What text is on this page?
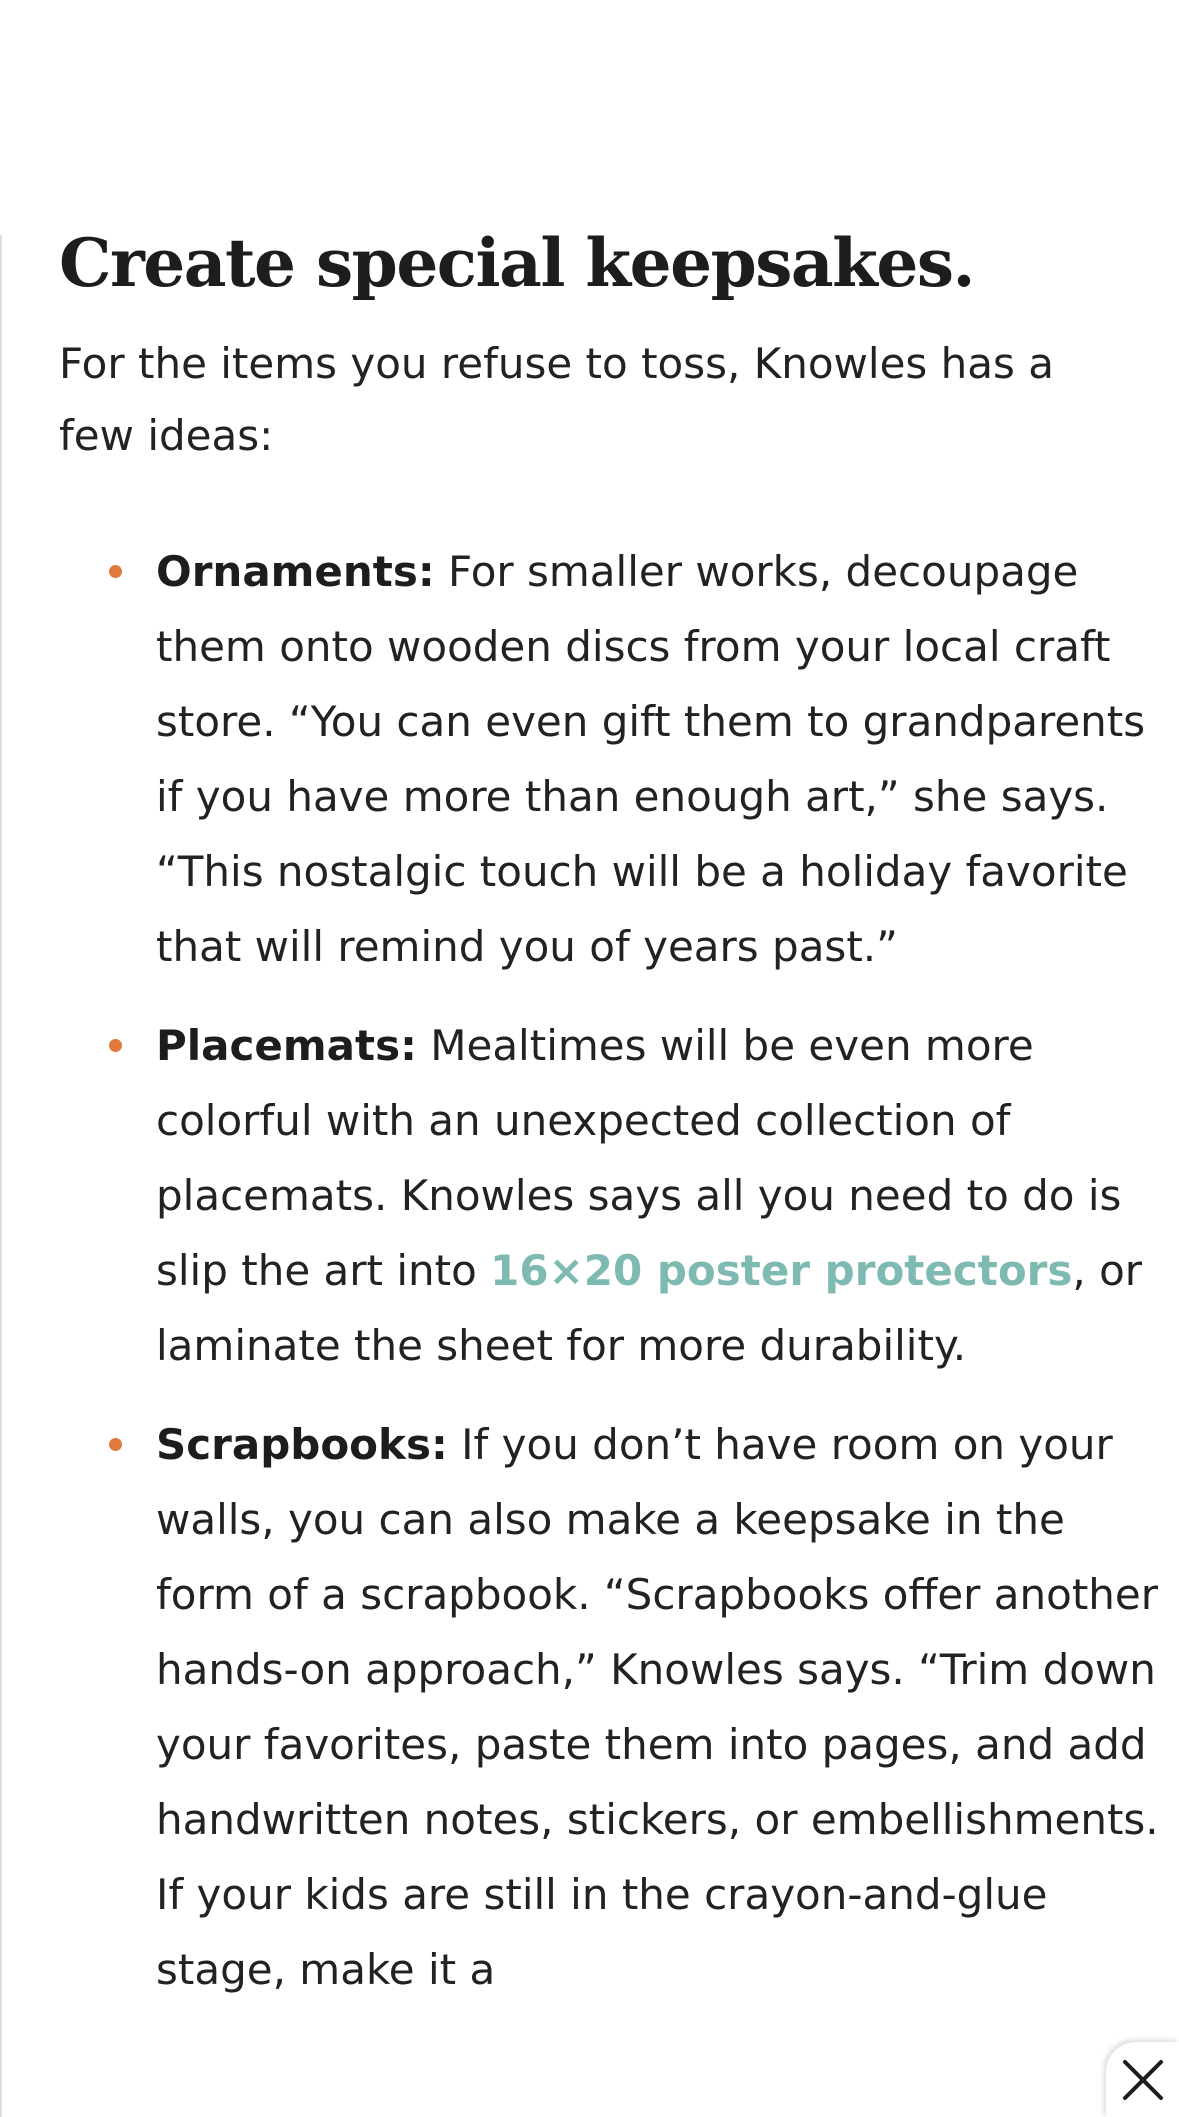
Create special keepsakes.

For the items you refuse to toss, Knowles has a few ideas:

Ornaments: For smaller works, decoupage them onto wooden discs from your local craft store. “You can even gift them to grandparents if you have more than enough art,” she says. “This nostalgic touch will be a holiday favorite that will remind you of years past.”
Placemats: Mealtimes will be even more colorful with an unexpected collection of placemats. Knowles says all you need to do is slip the art into 16×20 poster protectors, or laminate the sheet for more durability.
Scrapbooks: If you don’t have room on your walls, you can also make a keepsake in the form of a scrapbook. “Scrapbooks offer another hands-on approach,” Knowles says. “Trim down your favorites, paste them into pages, and add handwritten notes, stickers, or embellishments. If your kids are still in the crayon-and-glue stage, make it a
